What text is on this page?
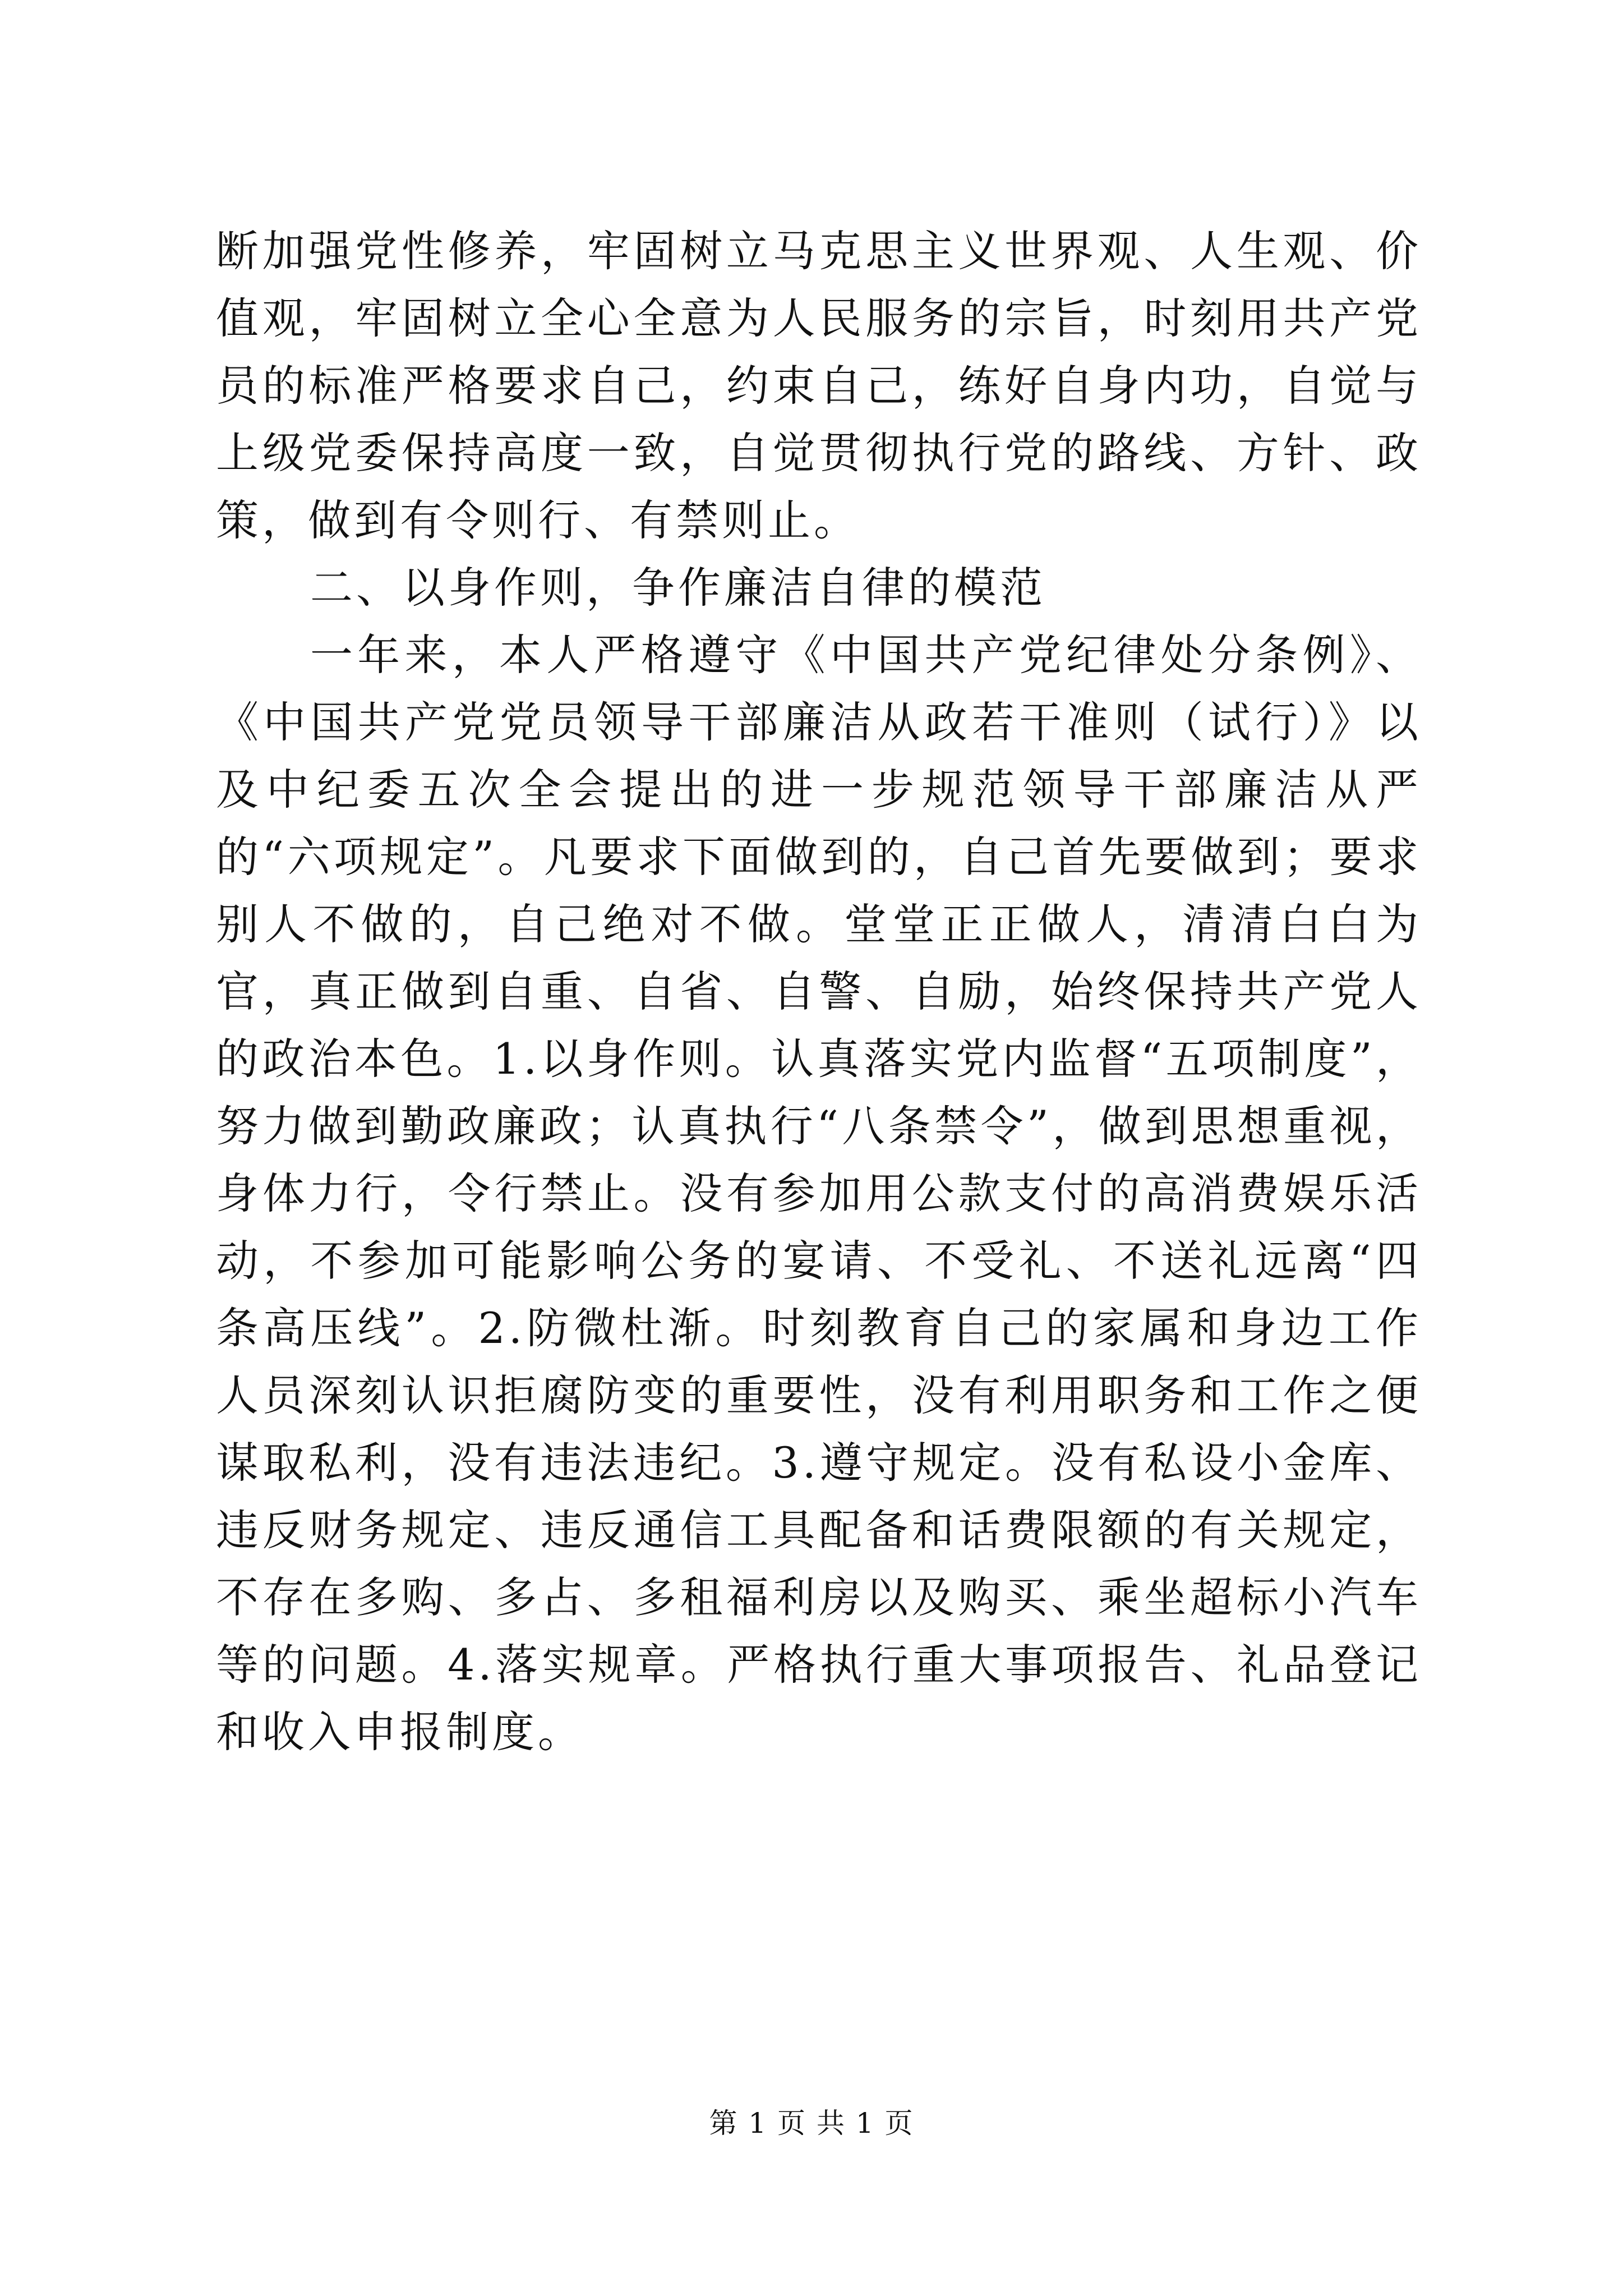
断加强党性修养，牢固树立马克思主义世界观、人生观、价值观，牢固树立全心全意为人民服务的宗旨，时刻用共产党员的标准严格要求自己，约束自己，练好自身内功，自觉与上级党委保持高度一致，自觉贯彻执行党的路线、方针、政策，做到有令则行、有禁则止。

二、以身作则，争作廉洁自律的模范

一年来，本人严格遵守《中国共产党纪律处分条例》、《中国共产党党员领导干部廉洁从政若干准则（试行）》以及中纪委五次全会提出的进一步规范领导干部廉洁从严的“六项规定”。凡要求下面做到的，自己首先要做到；要求别人不做的，自己绝对不做。堂堂正正做人，清清白白为官，真正做到自重、自省、自警、自励，始终保持共产党人的政治本色。1.以身作则。认真落实党内监督“五项制度”，努力做到勤政廉政；认真执行“八条禁令”，做到思想重视，身体力行，令行禁止。没有参加用公款支付的高消费娱乐活动，不参加可能影响公务的宴请、不受礼、不送礼远离“四条高压线”。2.防微杜渐。时刻教育自己的家属和身边工作人员深刻认识拒腐防变的重要性，没有利用职务和工作之便谋取私利，没有违法违纪。3.遵守规定。没有私设小金库、违反财务规定、违反通信工具配备和话费限额的有关规定，不存在多购、多占、多租福利房以及购买、乘坐超标小汽车等的问题。4.落实规章。严格执行重大事项报告、礼品登记和收入申报制度。

第 1 页 共 1 页
